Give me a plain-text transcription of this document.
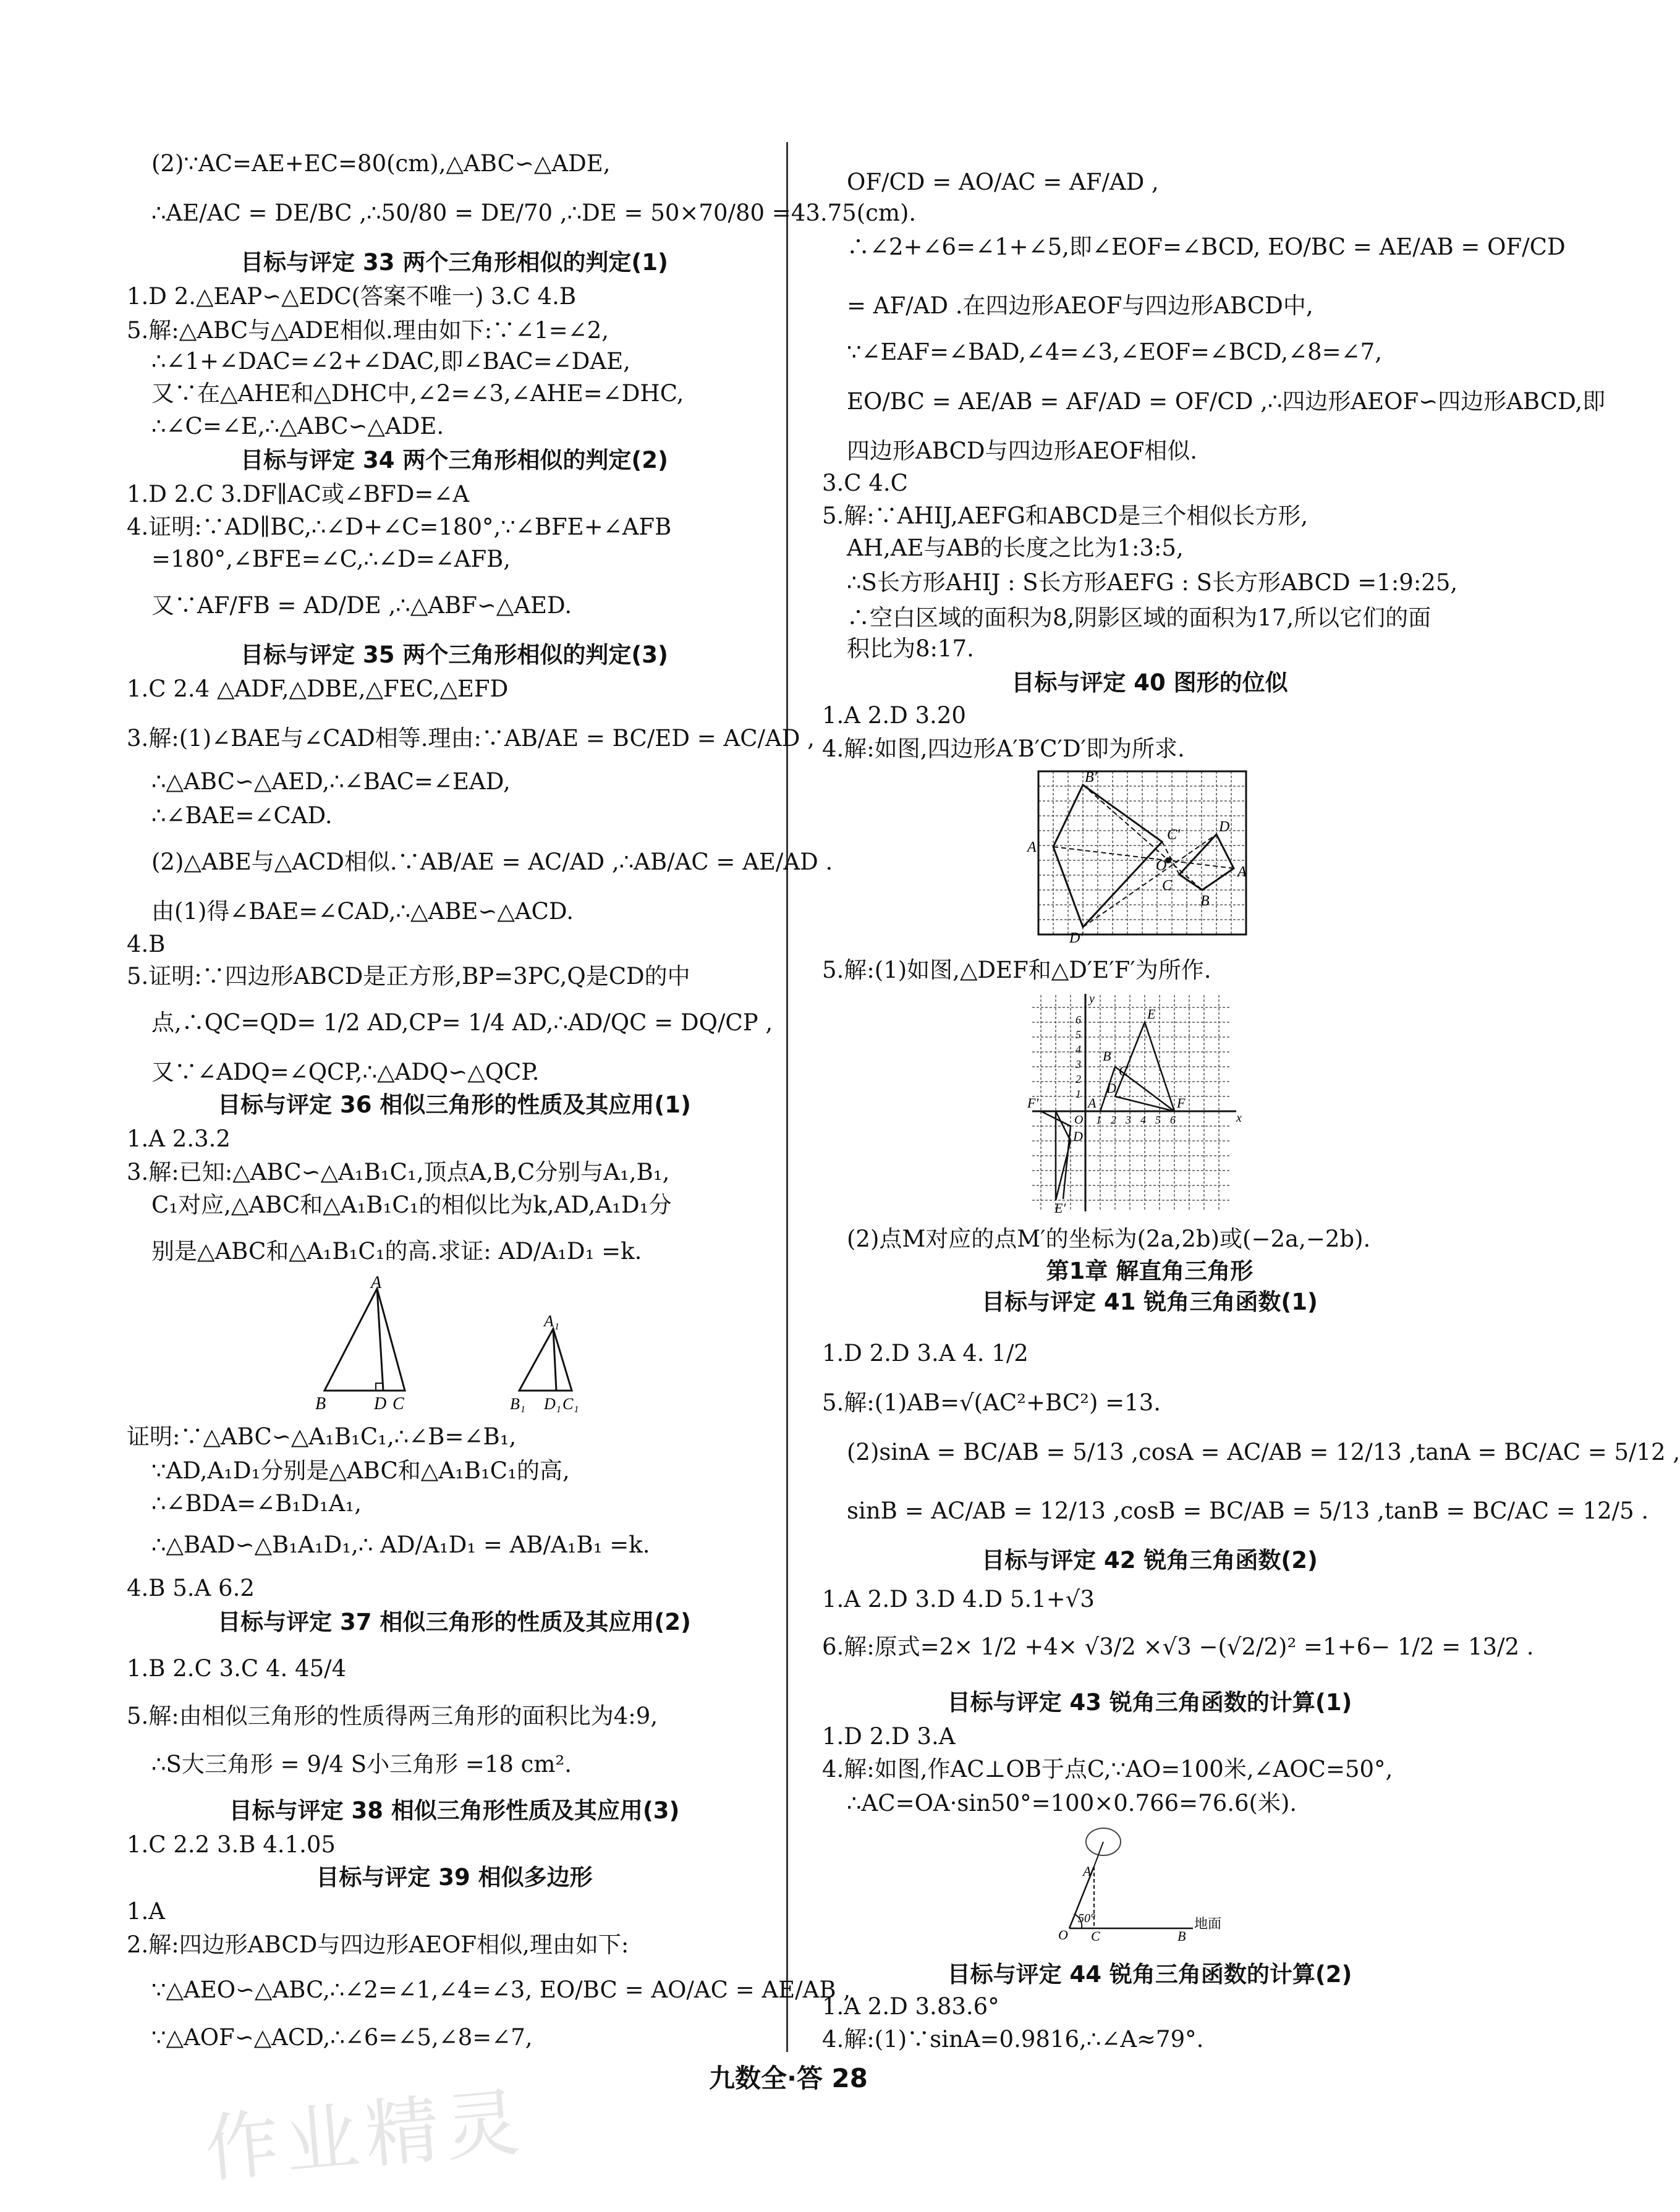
(2)∵AC=AE+EC=80(cm),△ABC∽△ADE,
∴AE/AC = DE/BC ,∴50/80 = DE/70 ,∴DE = 50×70/80 =43.75(cm).
目标与评定 33 两个三角形相似的判定(1)
1.D 2.△EAP∽△EDC(答案不唯一) 3.C 4.B
5.解:△ABC与△ADE相似.理由如下:∵∠1=∠2,
∴∠1+∠DAC=∠2+∠DAC,即∠BAC=∠DAE,
又∵在△AHE和△DHC中,∠2=∠3,∠AHE=∠DHC,
∴∠C=∠E,∴△ABC∽△ADE.
目标与评定 34 两个三角形相似的判定(2)
1.D 2.C 3.DF∥AC或∠BFD=∠A
4.证明:∵AD∥BC,∴∠D+∠C=180°,∵∠BFE+∠AFB
=180°,∠BFE=∠C,∴∠D=∠AFB,
又∵AF/FB = AD/DE ,∴△ABF∽△AED.
目标与评定 35 两个三角形相似的判定(3)
1.C 2.4 △ADF,△DBE,△FEC,△EFD
3.解:(1)∠BAE与∠CAD相等.理由:∵AB/AE = BC/ED = AC/AD ,
∴△ABC∽△AED,∴∠BAC=∠EAD,
∴∠BAE=∠CAD.
(2)△ABE与△ACD相似.∵AB/AE = AC/AD ,∴AB/AC = AE/AD .
由(1)得∠BAE=∠CAD,∴△ABE∽△ACD.
4.B
5.证明:∵四边形ABCD是正方形,BP=3PC,Q是CD的中
点,∴QC=QD= 1/2 AD,CP= 1/4 AD,∴AD/QC = DQ/CP ,
又∵∠ADQ=∠QCP,∴△ADQ∽△QCP.
目标与评定 36 相似三角形的性质及其应用(1)
1.A 2.3.2
3.解:已知:△ABC∽△A₁B₁C₁,顶点A,B,C分别与A₁,B₁,
C₁对应,△ABC和△A₁B₁C₁的相似比为k,AD,A₁D₁分
别是△ABC和△A₁B₁C₁的高.求证: AD/A₁D₁ =k.
A
B	D C
A₁
B₁ D₁ C₁
证明:∵△ABC∽△A₁B₁C₁,∴∠B=∠B₁,
∵AD,A₁D₁分别是△ABC和△A₁B₁C₁的高,
∴∠BDA=∠B₁D₁A₁,
∴△BAD∽△B₁A₁D₁,∴ AD/A₁D₁ = AB/A₁B₁ =k.
4.B 5.A 6.2
目标与评定 37 相似三角形的性质及其应用(2)
1.B 2.C 3.C 4. 45/4
5.解:由相似三角形的性质得两三角形的面积比为4:9,
∴S大三角形 = 9/4 S小三角形 =18 cm².
目标与评定 38 相似三角形性质及其应用(3)
1.C 2.2 3.B 4.1.05
目标与评定 39 相似多边形
1.A
2.解:四边形ABCD与四边形AEOF相似,理由如下:
∵△AEO∽△ABC,∴∠2=∠1,∠4=∠3, EO/BC = AO/AC = AE/AB ,
∵△AOF∽△ACD,∴∠6=∠5,∠8=∠7,
OF/CD = AO/AC = AF/AD ,
∴∠2+∠6=∠1+∠5,即∠EOF=∠BCD, EO/BC = AE/AB = OF/CD
= AF/AD .在四边形AEOF与四边形ABCD中,
∵∠EAF=∠BAD,∠4=∠3,∠EOF=∠BCD,∠8=∠7,
EO/BC = AE/AB = AF/AD = OF/CD ,∴四边形AEOF∽四边形ABCD,即
四边形ABCD与四边形AEOF相似.
3.C 4.C
5.解:∵AHIJ,AEFG和ABCD是三个相似长方形,
AH,AE与AB的长度之比为1:3:5,
∴S长方形AHIJ : S长方形AEFG : S长方形ABCD =1:9:25,
∴空白区域的面积为8,阴影区域的面积为17,所以它们的面
积比为8:17.
目标与评定 40 图形的位似
1.A 2.D 3.20
4.解:如图,四边形A′B′C′D′即为所求.
B′
A′
C′	D
O
C
D′
B
A
5.解:(1)如图,△DEF和△D′E′F′为所作.
y
x
O
6
5
4
3
2
1
1 2 3 4 5 6
E
B
C
D
A	F
F′
D′
E′
(2)点M对应的点M′的坐标为(2a,2b)或(−2a,−2b).
第1章 解直角三角形
目标与评定 41 锐角三角函数(1)
1.D 2.D 3.A 4. 1/2
5.解:(1)AB=√(AC²+BC²) =13.
(2)sinA = BC/AB = 5/13 ,cosA = AC/AB = 12/13 ,tanA = BC/AC = 5/12 ,
sinB = AC/AB = 12/13 ,cosB = BC/AB = 5/13 ,tanB = BC/AC = 12/5 .
目标与评定 42 锐角三角函数(2)
1.A 2.D 3.D 4.D 5.1+√3
6.解:原式=2× 1/2 +4× √3/2 ×√3 −(√2/2)² =1+6− 1/2 = 13/2 .
目标与评定 43 锐角三角函数的计算(1)
1.D 2.D 3.A
4.解:如图,作AC⊥OB于点C,∵AO=100米,∠AOC=50°,
∴AC=OA·sin50°=100×0.766=76.6(米).
A
O C	B
50°	地面
目标与评定 44 锐角三角函数的计算(2)
1.A 2.D 3.83.6°
4.解:(1)∵sinA=0.9816,∴∠A≈79°.
作业精灵
九数全·答 28
